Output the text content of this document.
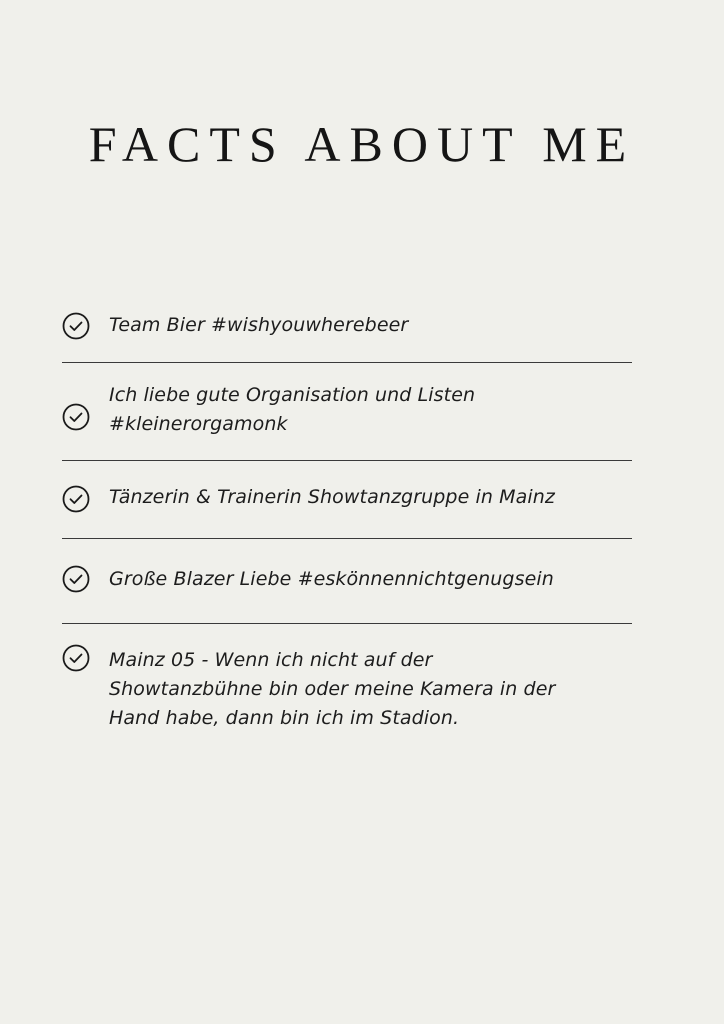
FACTS ABOUT ME
Team Bier #wishyouwherebeer
Ich liebe gute Organisation und Listen
#kleinerorgamonk
Tänzerin & Trainerin Showtanzgruppe in Mainz
Große Blazer Liebe #eskönnennichtgenugsein
Mainz 05 - Wenn ich nicht auf der
Showtanzbühne bin oder meine Kamera in der
Hand habe, dann bin ich im Stadion.
